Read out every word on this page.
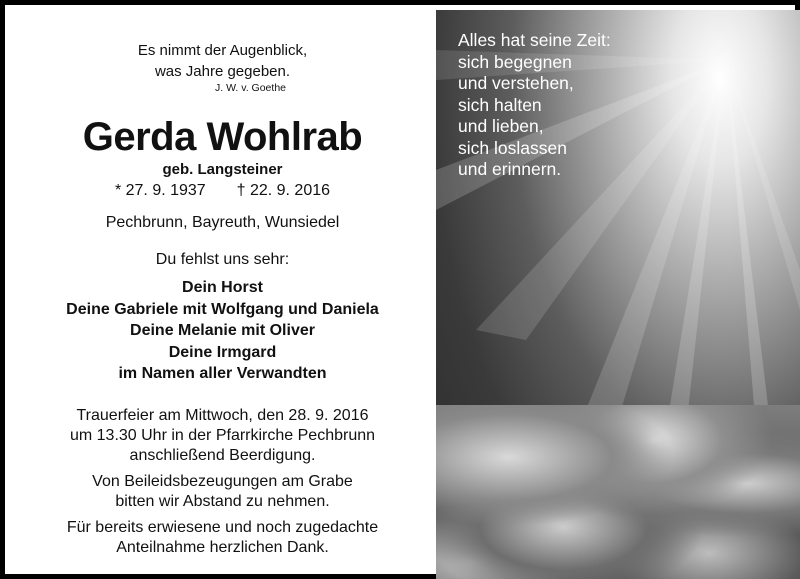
Es nimmt der Augenblick,
was Jahre gegeben.
J. W. v. Goethe
Gerda Wohlrab
geb. Langsteiner
* 27. 9. 1937 † 22. 9. 2016
Pechbrunn, Bayreuth, Wunsiedel
Du fehlst uns sehr:
Dein Horst
Deine Gabriele mit Wolfgang und Daniela
Deine Melanie mit Oliver
Deine Irmgard
im Namen aller Verwandten
Trauerfeier am Mittwoch, den 28. 9. 2016
um 13.30 Uhr in der Pfarrkirche Pechbrunn
anschließend Beerdigung.
Von Beileidsbezeugungen am Grabe
bitten wir Abstand zu nehmen.
Für bereits erwiesene und noch zugedachte
Anteilnahme herzlichen Dank.
Alles hat seine Zeit:
sich begegnen
und verstehen,
sich halten
und lieben,
sich loslassen
und erinnern.
